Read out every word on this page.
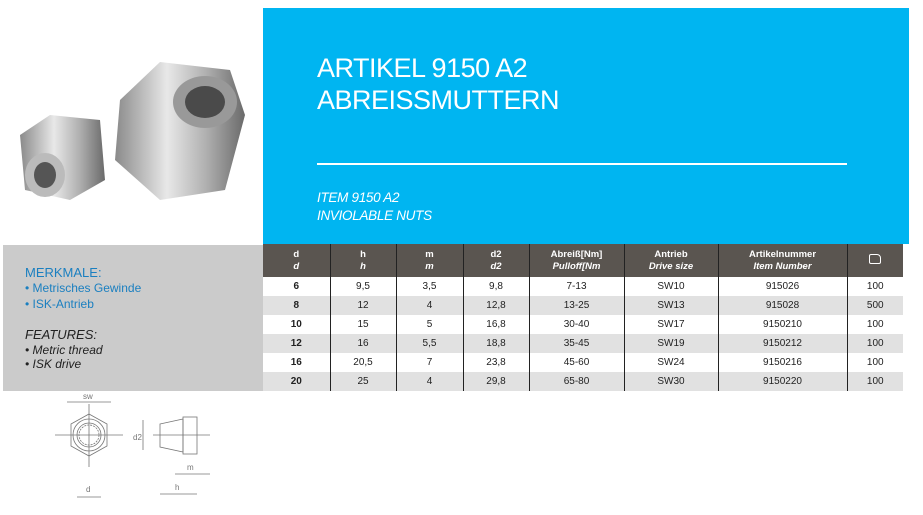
ARTIKEL 9150 A2
ABREISSMUTTERN
ITEM 9150 A2
INVIOLABLE NUTS
MERKMALE:
• Metrisches Gewinde
• ISK-Antrieb
FEATURES:
• Metric thread
• ISK drive
d
d	
h
h	
m
m	
d2
d2	
Abreiß[Nm]
Pulloff[Nm	
Antrieb
Drive size	
Artikelnummer
Item Number	
6	9,5	3,5	9,8	7-13	SW10	915026	100
8	12	4	12,8	13-25	SW13	915028	500
10	15	5	16,8	30-40	SW17	9150210	100
12	16	5,5	18,8	35-45	SW19	9150212	100
16	20,5	7	23,8	45-60	SW24	9150216	100
20	25	4	29,8	65-80	SW30	9150220	100
sw
d
d2
m
h
